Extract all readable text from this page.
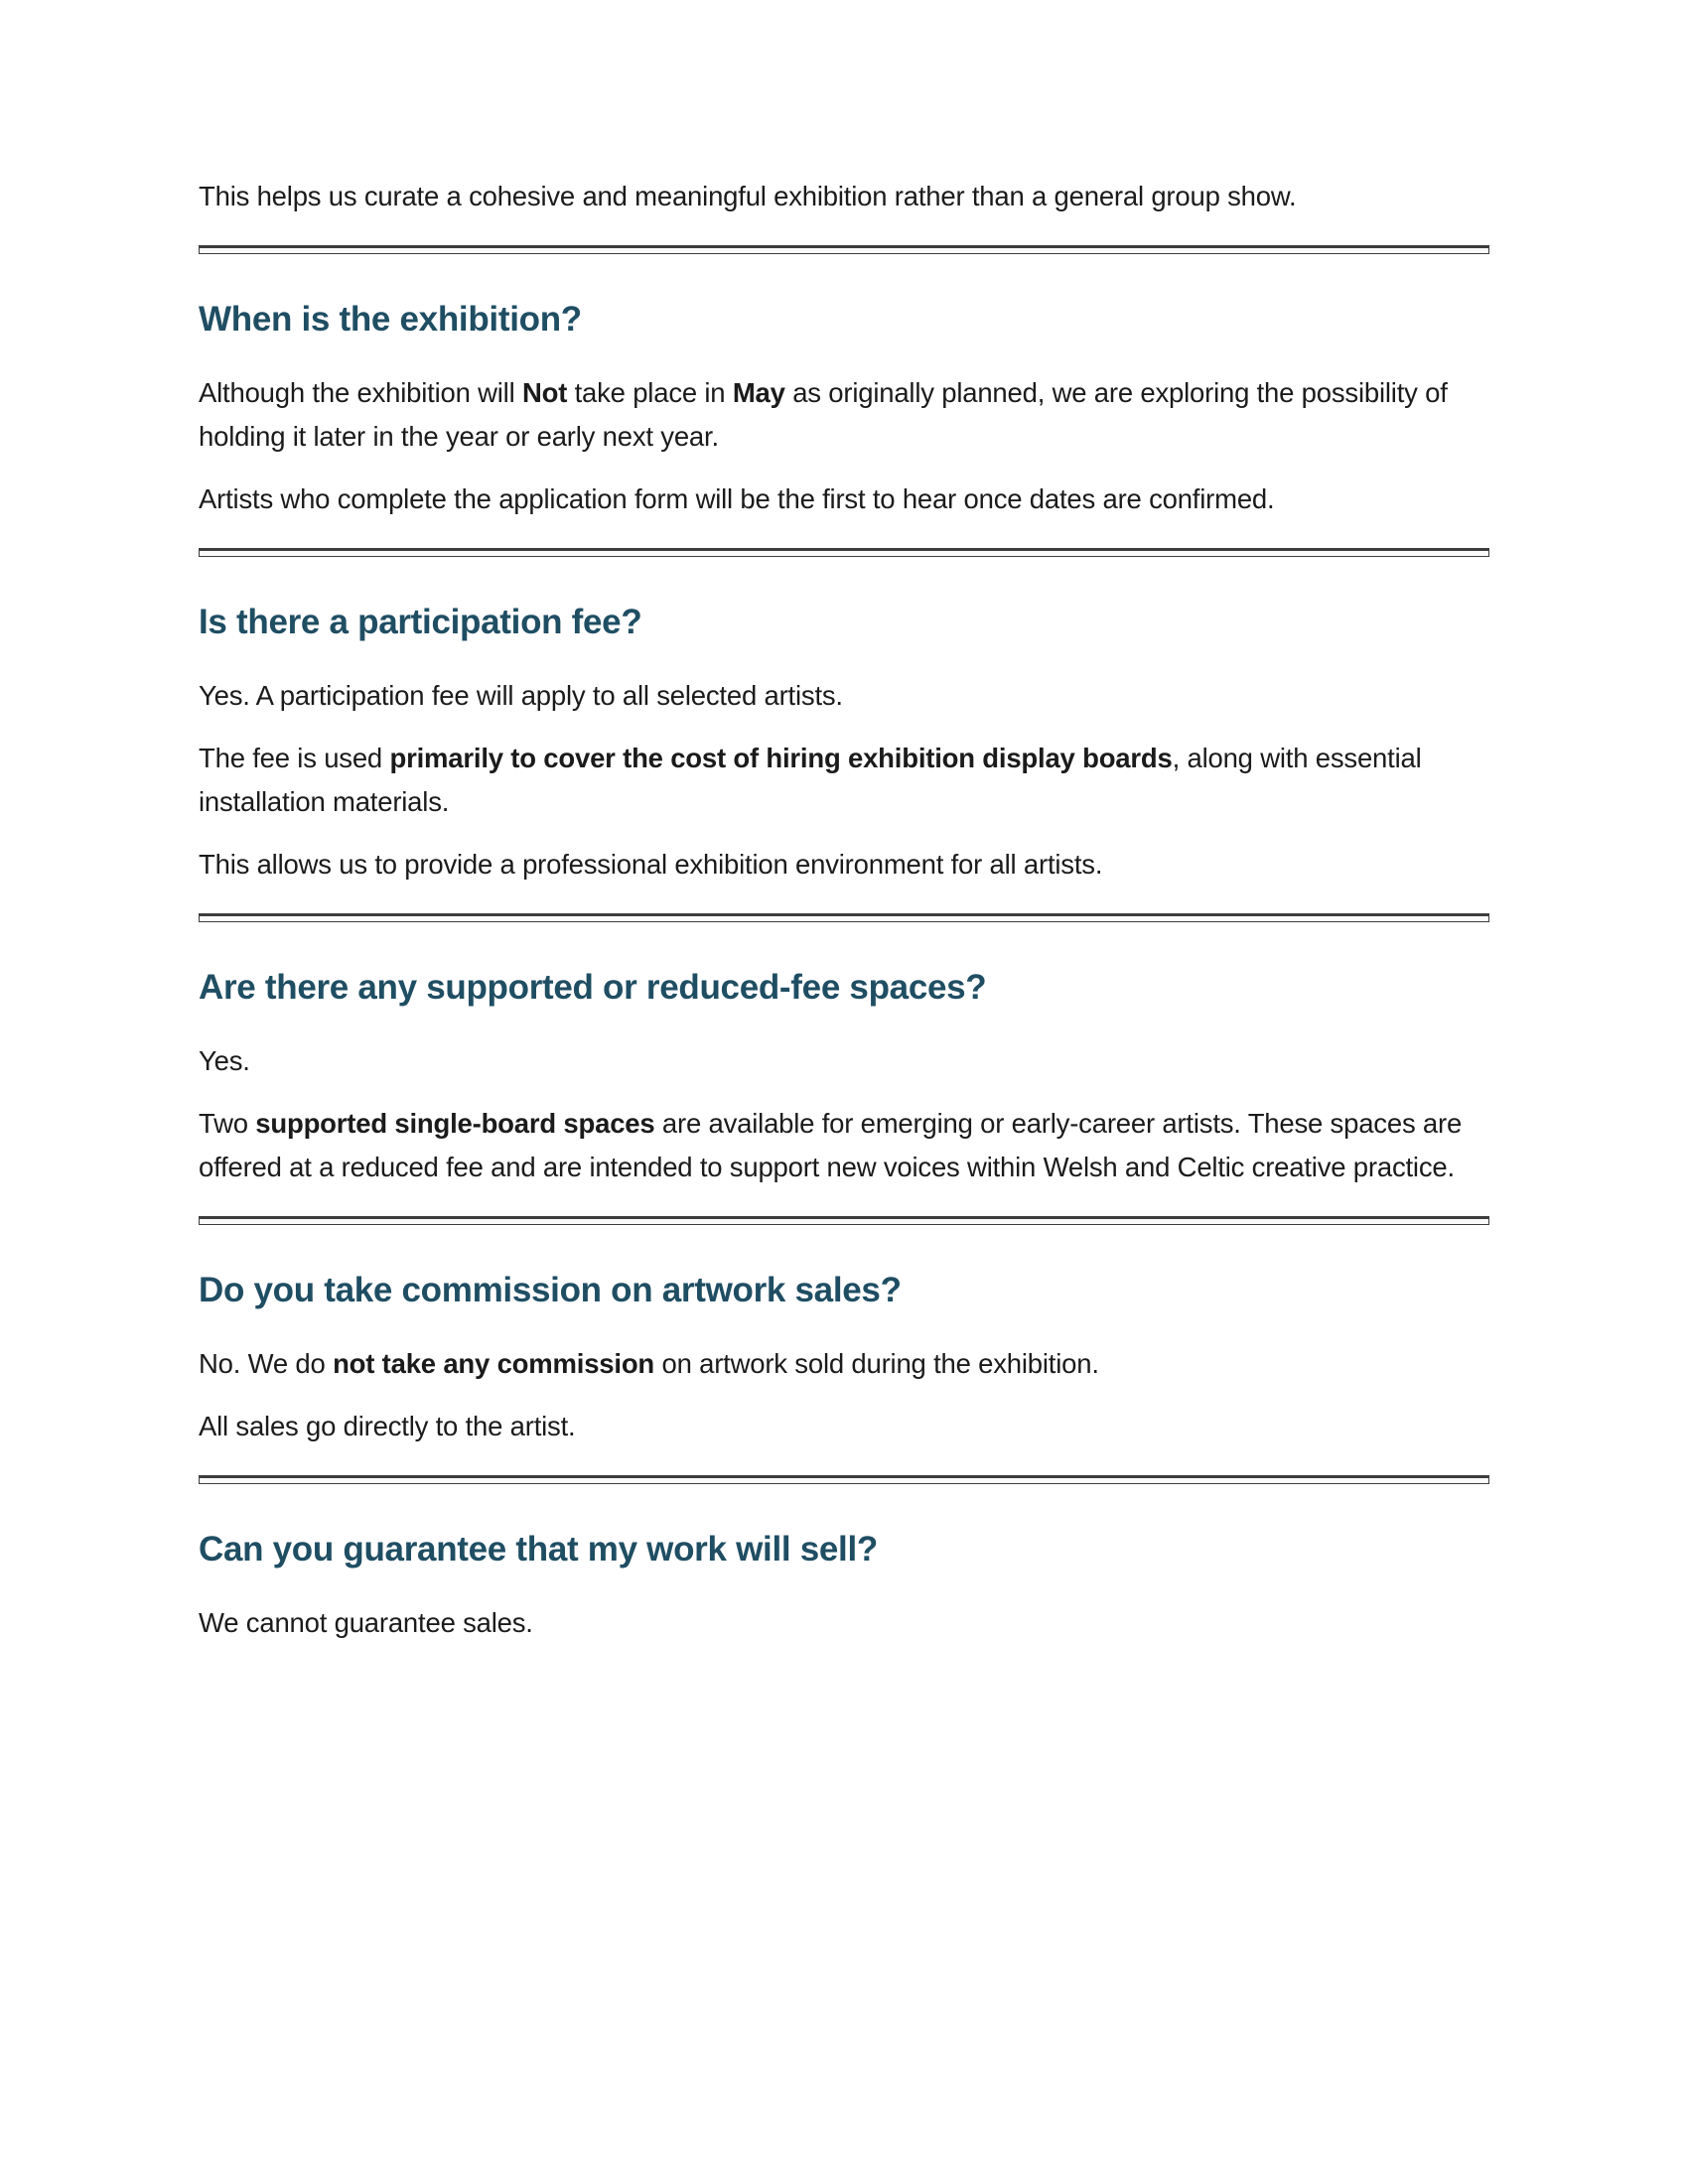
This helps us curate a cohesive and meaningful exhibition rather than a general group show.

When is the exhibition?

Although the exhibition will Not take place in May as originally planned, we are exploring the possibility of holding it later in the year or early next year.

Artists who complete the application form will be the first to hear once dates are confirmed.

Is there a participation fee?

Yes. A participation fee will apply to all selected artists.

The fee is used primarily to cover the cost of hiring exhibition display boards, along with essential installation materials.

This allows us to provide a professional exhibition environment for all artists.

Are there any supported or reduced-fee spaces?

Yes.

Two supported single-board spaces are available for emerging or early-career artists. These spaces are offered at a reduced fee and are intended to support new voices within Welsh and Celtic creative practice.

Do you take commission on artwork sales?

No. We do not take any commission on artwork sold during the exhibition.

All sales go directly to the artist.

Can you guarantee that my work will sell?

We cannot guarantee sales.
